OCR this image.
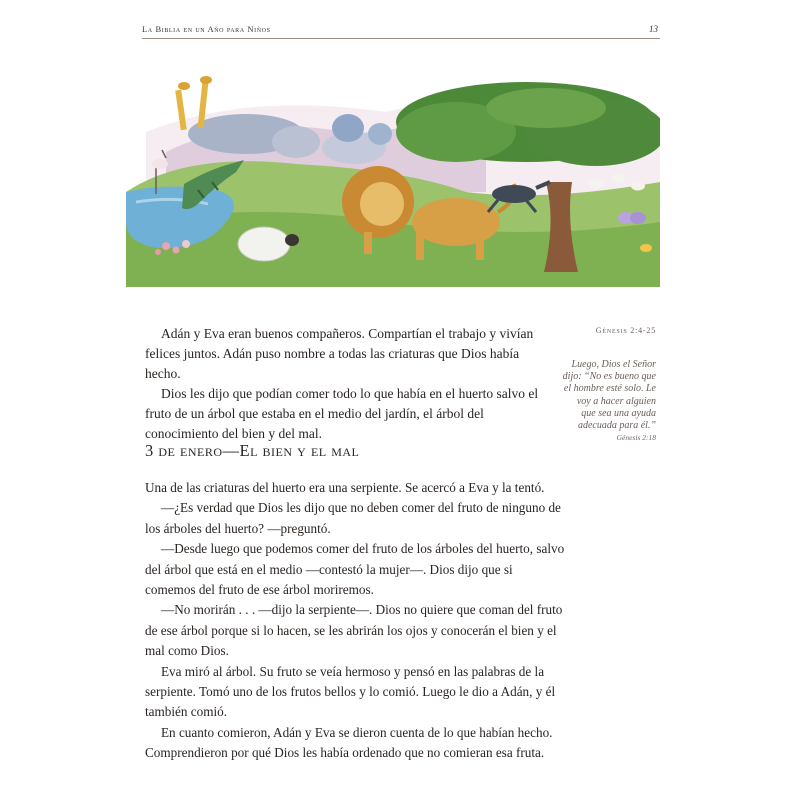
La Biblia en un Año para Niños	13

Adán y Eva eran buenos compañeros. Compartían el trabajo y vivían felices juntos. Adán puso nombre a todas las criaturas que Dios había hecho.

Dios les dijo que podían comer todo lo que había en el huerto salvo el fruto de un árbol que estaba en el medio del jardín, el árbol del conocimiento del bien y del mal.

Génesis 2:4-25
Luego, Dios el Señor dijo: “No es bueno que el hombre esté solo. Le voy a hacer alguien que sea una ayuda adecuada para él.”
Génesis 2:18
3 de enero—El bien y el mal

Una de las criaturas del huerto era una serpiente. Se acercó a Eva y la tentó.

—¿Es verdad que Dios les dijo que no deben comer del fruto de ninguno de los árboles del huerto? —preguntó.

—Desde luego que podemos comer del fruto de los árboles del huerto, salvo del árbol que está en el medio —contestó la mujer—. Dios dijo que si comemos del fruto de ese árbol moriremos.

—No morirán . . . —dijo la serpiente—. Dios no quiere que coman del fruto de ese árbol porque si lo hacen, se les abrirán los ojos y conocerán el bien y el mal como Dios.

Eva miró al árbol. Su fruto se veía hermoso y pensó en las palabras de la serpiente. Tomó uno de los frutos bellos y lo comió. Luego le dio a Adán, y él también comió.

En cuanto comieron, Adán y Eva se dieron cuenta de lo que habían hecho. Comprendieron por qué Dios les había ordenado que no comieran esa fruta.
